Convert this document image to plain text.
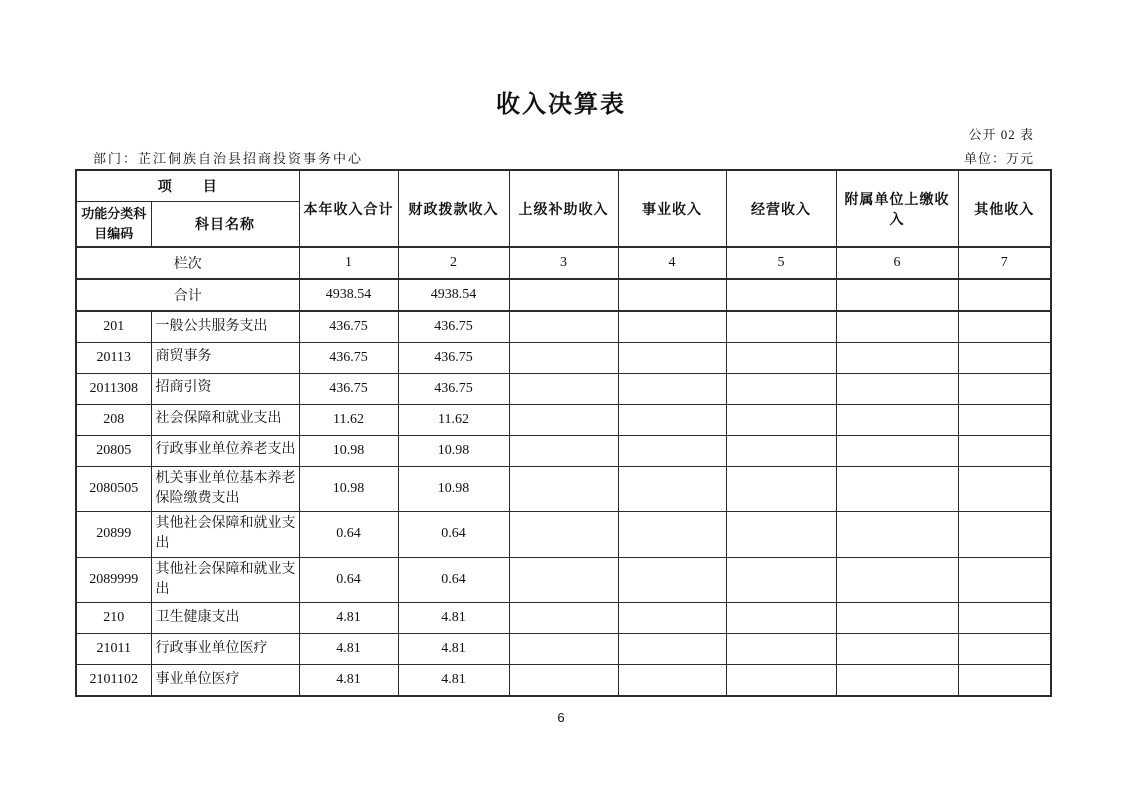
收入决算表
公开 02 表
部门：芷江侗族自治县招商投资事务中心	单位：万元
项　　目		本年收入合计	财政拨款收入	上级补助收入	事业收入	经营收入	附属单位上缴收入	其他收入
功能分类科目编码	科目名称							
栏次		1	2	3	4	5	6	7
合计		4938.54	4938.54					
201	一般公共服务支出	436.75	436.75					
20113	商贸事务	436.75	436.75					
2011308	招商引资	436.75	436.75					
208	社会保障和就业支出	11.62	11.62					
20805	行政事业单位养老支出	10.98	10.98					
2080505	机关事业单位基本养老保险缴费支出	10.98	10.98					
20899	其他社会保障和就业支出	0.64	0.64					
2089999	其他社会保障和就业支出	0.64	0.64					
210	卫生健康支出	4.81	4.81					
21011	行政事业单位医疗	4.81	4.81					
2101102	事业单位医疗	4.81	4.81					
6
